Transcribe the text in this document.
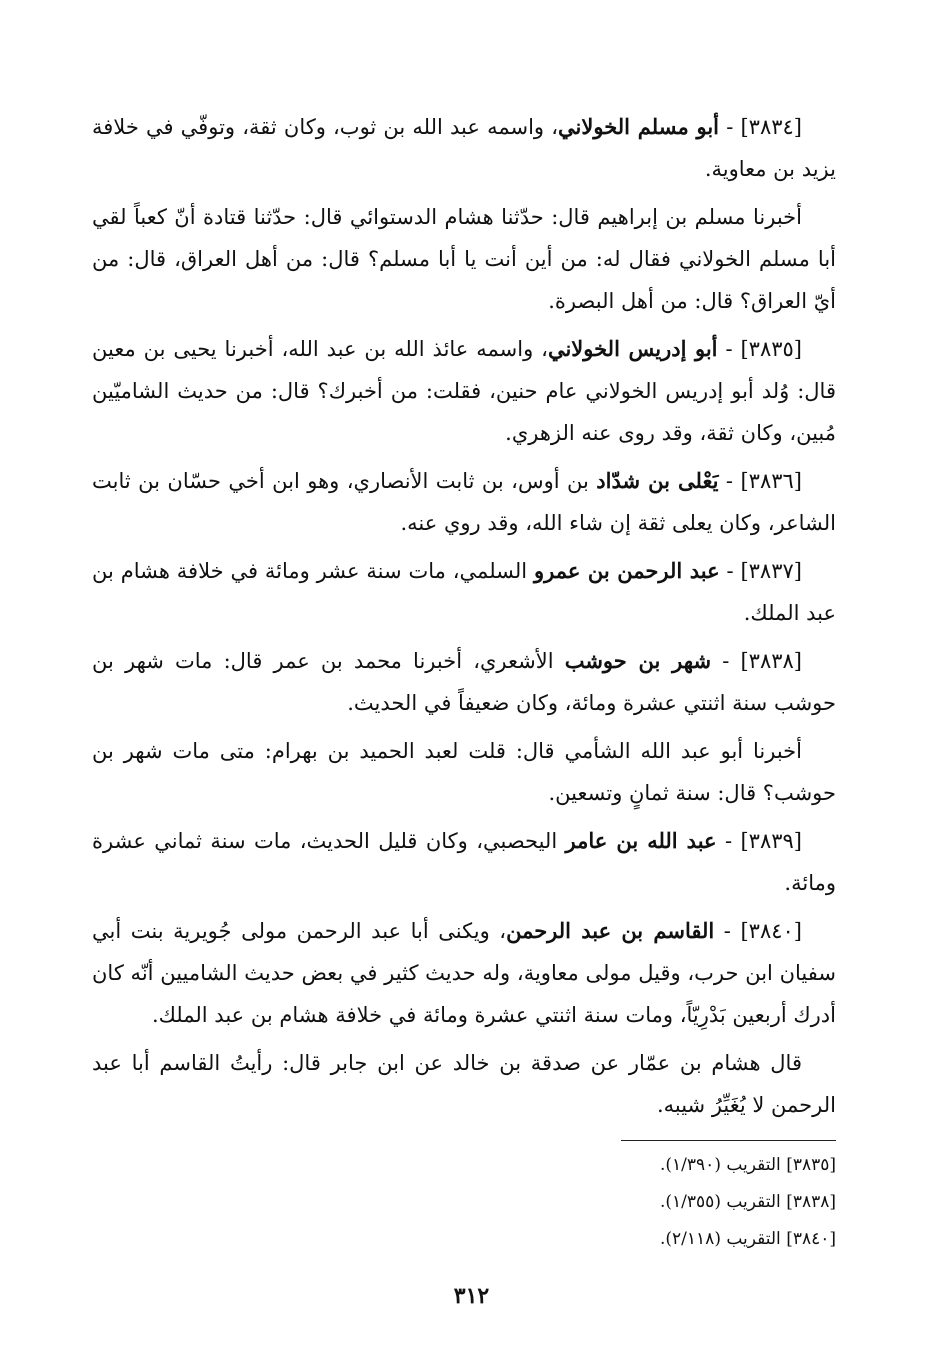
[٣٨٣٤] - أبو مسلم الخولاني، واسمه عبد الله بن ثوب، وكان ثقة، وتوفّي في خلافة يزيد بن معاوية.

أخبرنا مسلم بن إبراهيم قال: حدّثنا هشام الدستوائي قال: حدّثنا قتادة أنّ كعباً لقي أبا مسلم الخولاني فقال له: من أين أنت يا أبا مسلم؟ قال: من أهل العراق، قال: من أيّ العراق؟ قال: من أهل البصرة.

[٣٨٣٥] - أبو إدريس الخولاني، واسمه عائذ الله بن عبد الله، أخبرنا يحيى بن معين قال: وُلد أبو إدريس الخولاني عام حنين، فقلت: من أخبرك؟ قال: من حديث الشاميّين مُبين، وكان ثقة، وقد روى عنه الزهري.

[٣٨٣٦] - يَعْلى بن شدّاد بن أوس، بن ثابت الأنصاري، وهو ابن أخي حسّان بن ثابت الشاعر، وكان يعلى ثقة إن شاء الله، وقد روي عنه.

[٣٨٣٧] - عبد الرحمن بن عمرو السلمي، مات سنة عشر ومائة في خلافة هشام بن عبد الملك.

[٣٨٣٨] - شهر بن حوشب الأشعري، أخبرنا محمد بن عمر قال: مات شهر بن حوشب سنة اثنتي عشرة ومائة، وكان ضعيفاً في الحديث.

أخبرنا أبو عبد الله الشأمي قال: قلت لعبد الحميد بن بهرام: متى مات شهر بن حوشب؟ قال: سنة ثمانٍ وتسعين.

[٣٨٣٩] - عبد الله بن عامر اليحصبي، وكان قليل الحديث، مات سنة ثماني عشرة ومائة.

[٣٨٤٠] - القاسم بن عبد الرحمن، ويكنى أبا عبد الرحمن مولى جُويرية بنت أبي سفيان ابن حرب، وقيل مولى معاوية، وله حديث كثير في بعض حديث الشاميين أنّه كان أدرك أربعين بَدْرِيّاً، ومات سنة اثنتي عشرة ومائة في خلافة هشام بن عبد الملك.

قال هشام بن عمّار عن صدقة بن خالد عن ابن جابر قال: رأيتُ القاسم أبا عبد الرحمن لا يُغَيِّرُ شيبه.

[٣٨٣٥] التقريب (١/٣٩٠).

[٣٨٣٨] التقريب (١/٣٥٥).

[٣٨٤٠] التقريب (٢/١١٨).

٣١٢
